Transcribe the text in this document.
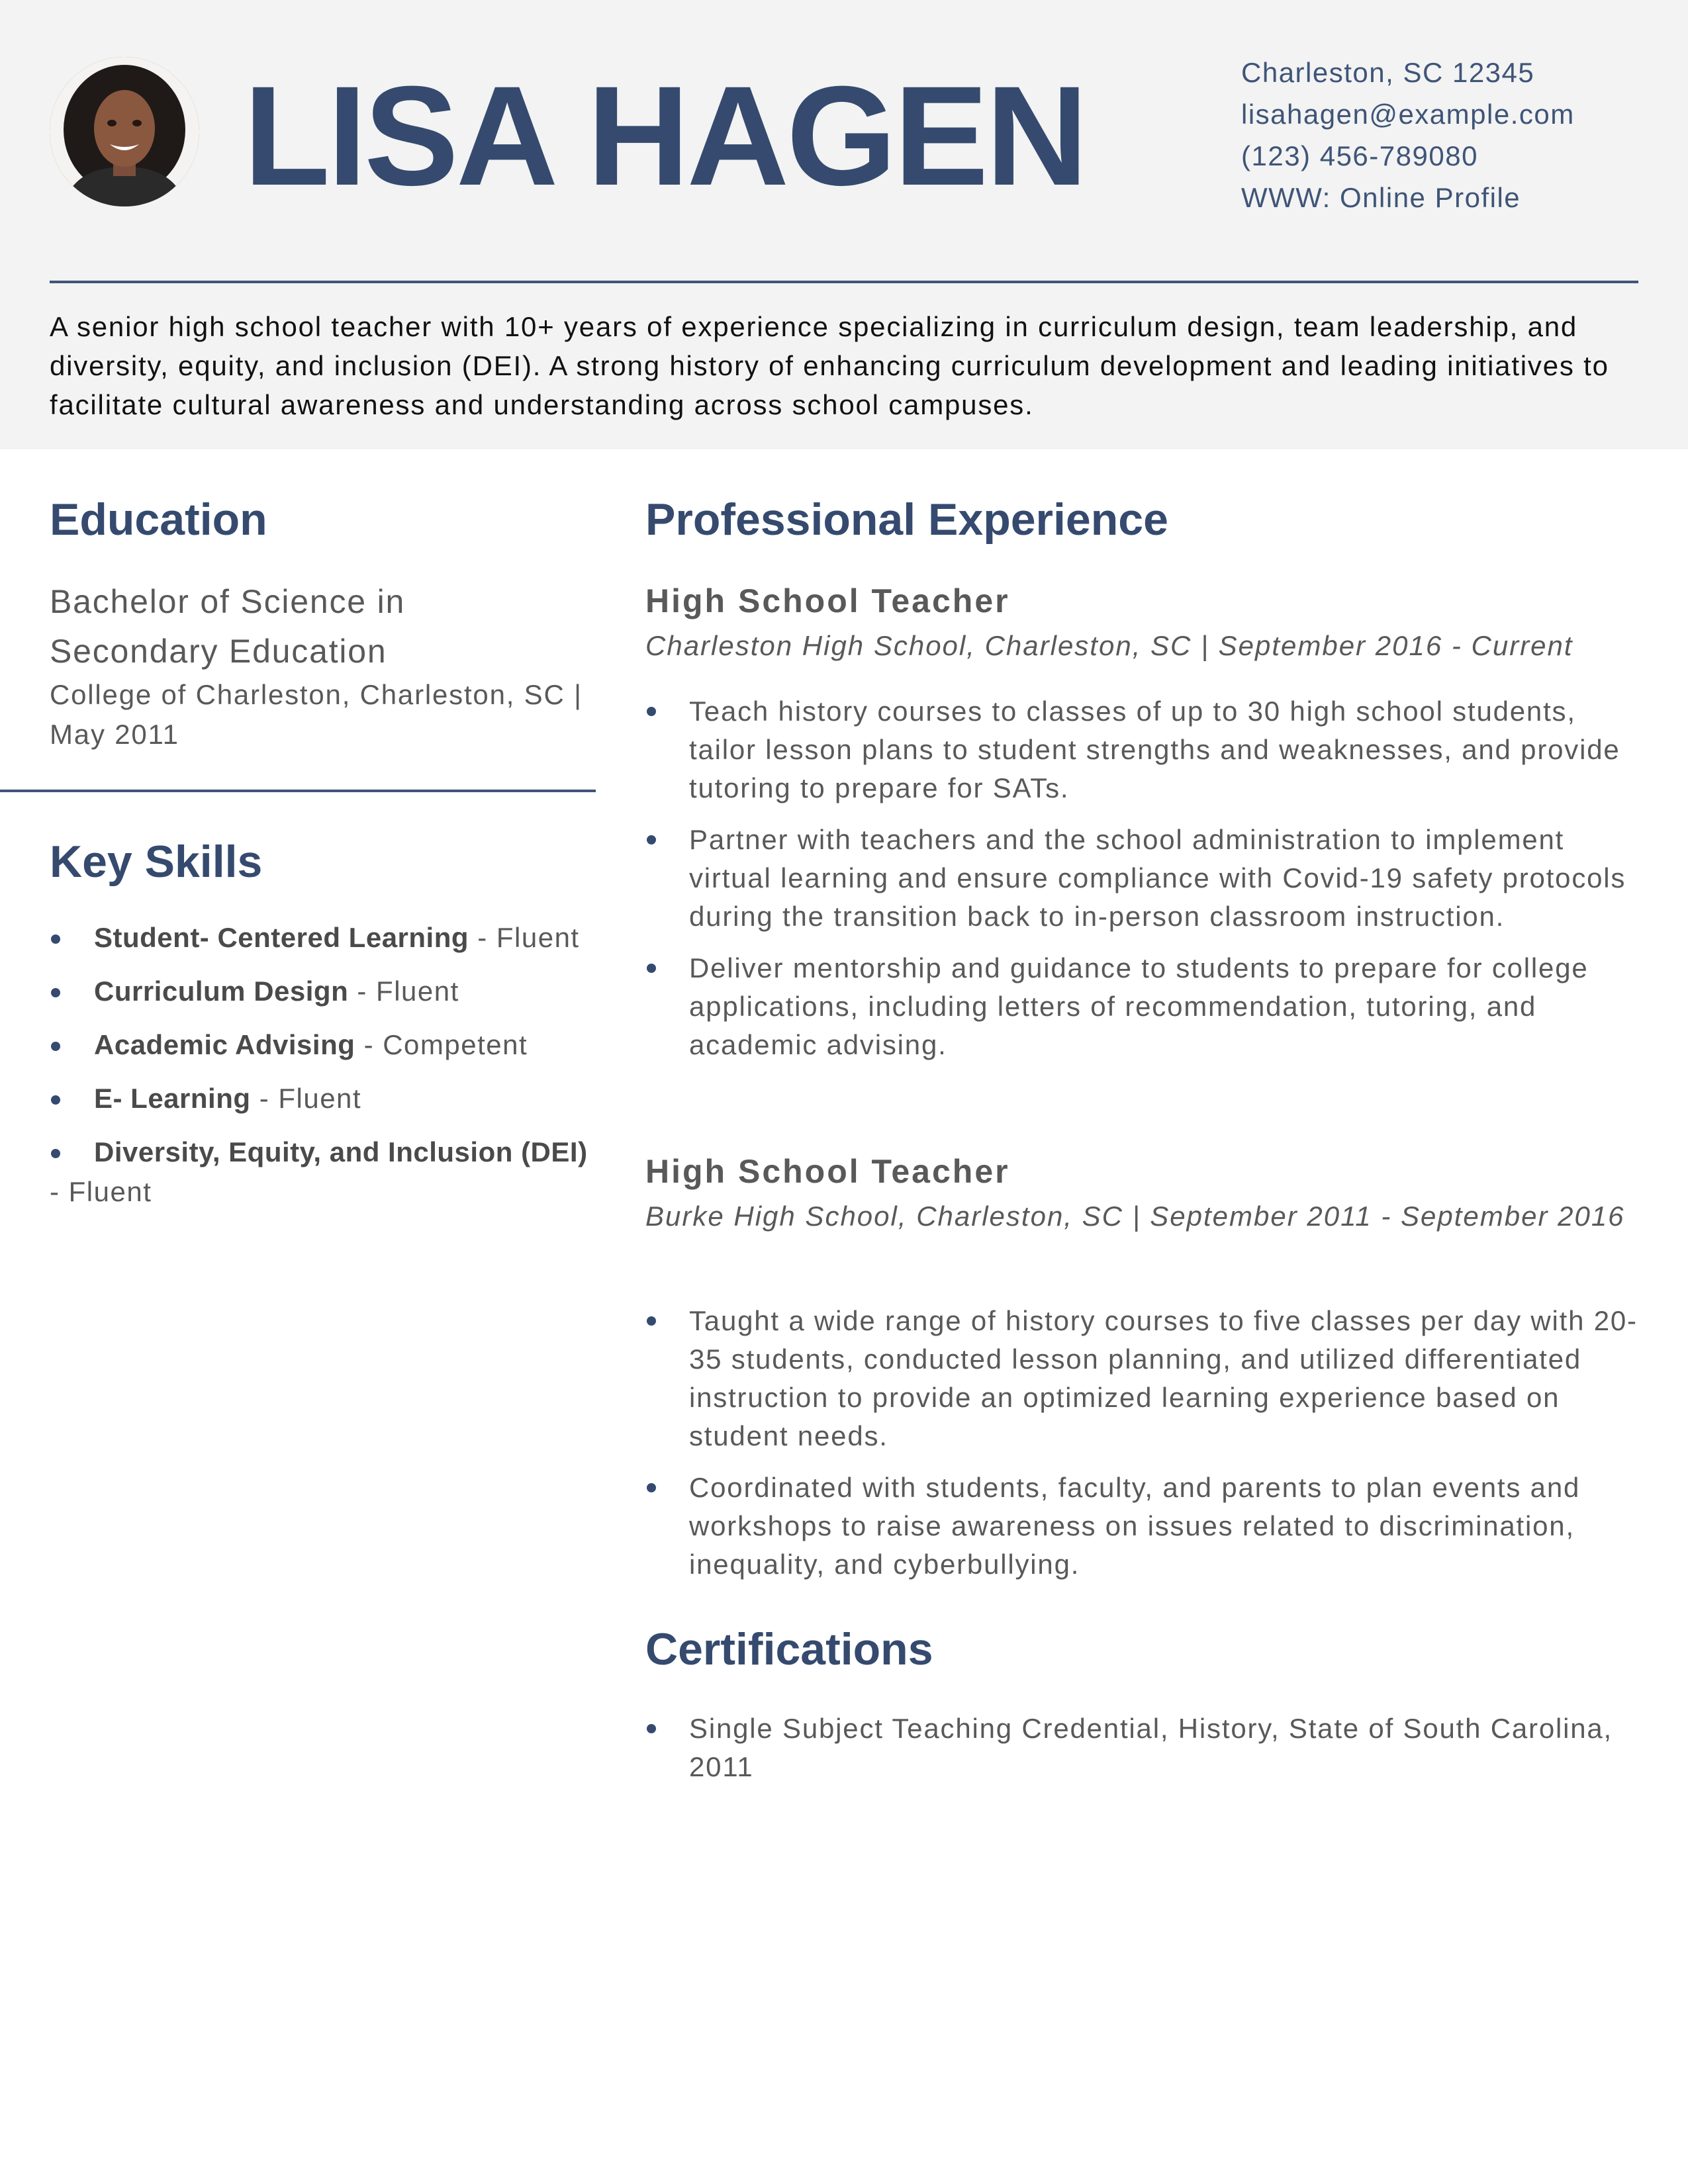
LISA HAGEN	Charleston, SC 12345
lisahagen@example.com
(123) 456-789080
WWW: Online Profile

A senior high school teacher with 10+ years of experience specializing in curriculum design, team leadership, and diversity, equity, and inclusion (DEI). A strong history of enhancing curriculum development and leading initiatives to facilitate cultural awareness and understanding across school campuses.

Education

Bachelor of Science in Secondary Education

College of Charleston, Charleston, SC | May 2011

Key Skills
Student- Centered Learning - Fluent
Curriculum Design - Fluent
Academic Advising - Competent
E- Learning - Fluent
Diversity, Equity, and Inclusion (DEI) - Fluent
Professional Experience
High School Teacher

Charleston High School, Charleston, SC | September 2016 - Current

Teach history courses to classes of up to 30 high school students, tailor lesson plans to student strengths and weaknesses, and provide tutoring to prepare for SATs.
Partner with teachers and the school administration to implement virtual learning and ensure compliance with Covid-19 safety protocols during the transition back to in-person classroom instruction.
Deliver mentorship and guidance to students to prepare for college applications, including letters of recommendation, tutoring, and academic advising.
High School Teacher

Burke High School, Charleston, SC | September 2011 - September 2016

Taught a wide range of history courses to five classes per day with 20-35 students, conducted lesson planning, and utilized differentiated instruction to provide an optimized learning experience based on student needs.
Coordinated with students, faculty, and parents to plan events and workshops to raise awareness on issues related to discrimination, inequality, and cyberbullying.
Certifications
Single Subject Teaching Credential, History, State of South Carolina, 2011
